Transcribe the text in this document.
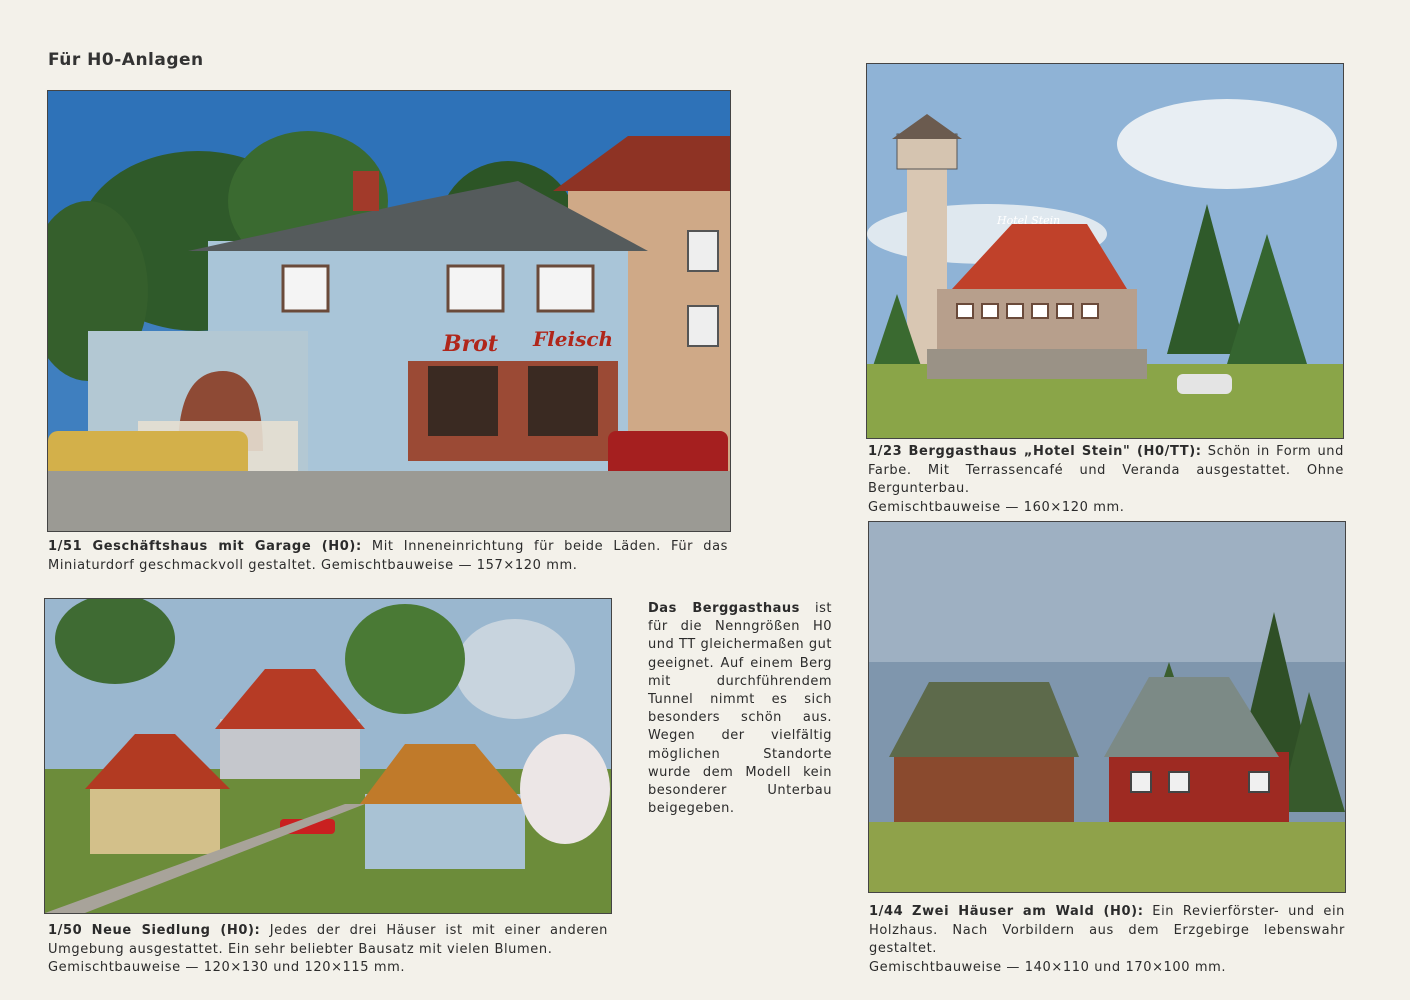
Für H0-Anlagen
Brot Fleisch
1/51 Geschäftshaus mit Garage (H0): Mit Inneneinrichtung für beide Läden. Für das Miniaturdorf geschmackvoll gestaltet. Gemischtbauweise — 157×120 mm.
Hotel Stein
1/23 Berggasthaus „Hotel Stein" (H0/TT): Schön in Form und Farbe. Mit Terrassencafé und Veranda ausgestattet. Ohne Bergunterbau.
Gemischtbauweise — 160×120 mm.
1/50 Neue Siedlung (H0): Jedes der drei Häuser ist mit einer anderen Umgebung ausgestattet. Ein sehr beliebter Bausatz mit vielen Blumen.
Gemischtbauweise — 120×130 und 120×115 mm.
Das Berggasthaus ist für die Nenngrößen H0 und TT gleichermaßen gut geeignet. Auf einem Berg mit durchführendem Tunnel nimmt es sich besonders schön aus. Wegen der vielfältig möglichen Standorte wurde dem Modell kein besonderer Unterbau beigegeben.
1/44 Zwei Häuser am Wald (H0): Ein Revierförster- und ein Holzhaus. Nach Vorbildern aus dem Erzgebirge lebenswahr gestaltet.
Gemischtbauweise — 140×110 und 170×100 mm.
